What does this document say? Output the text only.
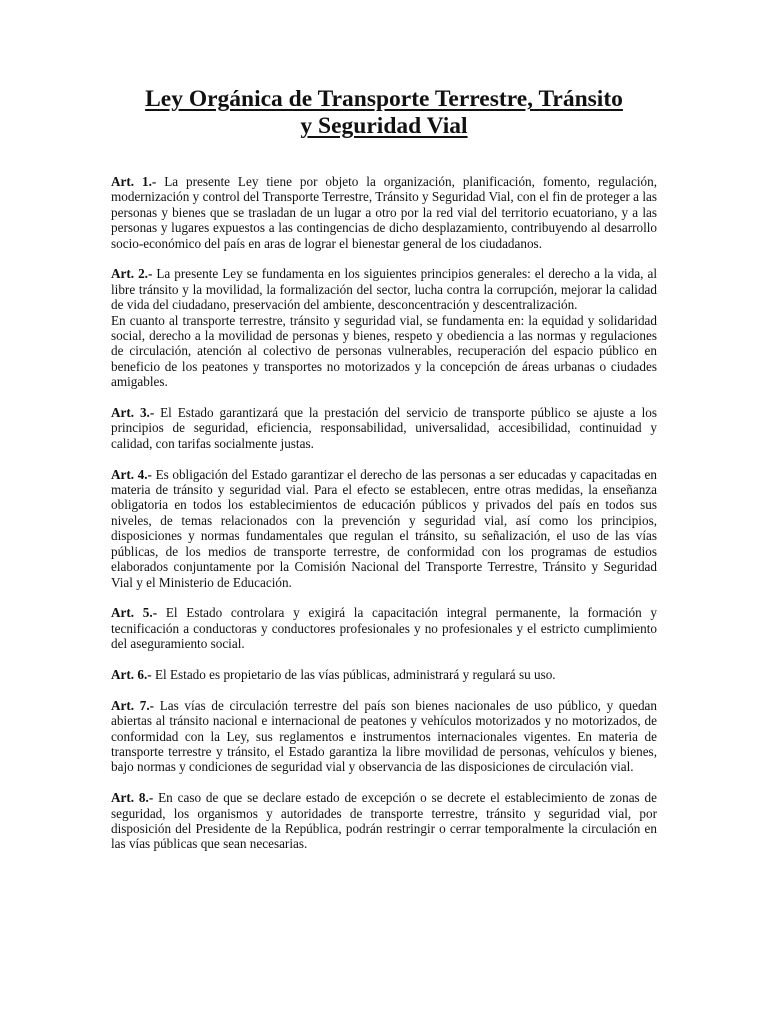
Ley Orgánica de Transporte Terrestre, Tránsito
y Seguridad Vial

Art. 1.- La presente Ley tiene por objeto la organización, planificación, fomento, regulación, modernización y control del Transporte Terrestre, Tránsito y Seguridad Vial, con el fin de proteger a las personas y bienes que se trasladan de un lugar a otro por la red vial del territorio ecuatoriano, y a las personas y lugares expuestos a las contingencias de dicho desplazamiento, contribuyendo al desarrollo socio-económico del país en aras de lograr el bienestar general de los ciudadanos.

Art. 2.- La presente Ley se fundamenta en los siguientes principios generales: el derecho a la vida, al libre tránsito y la movilidad, la formalización del sector, lucha contra la corrupción, mejorar la calidad de vida del ciudadano, preservación del ambiente, desconcentración y descentralización.

En cuanto al transporte terrestre, tránsito y seguridad vial, se fundamenta en: la equidad y solidaridad social, derecho a la movilidad de personas y bienes, respeto y obediencia a las normas y regulaciones de circulación, atención al colectivo de personas vulnerables, recuperación del espacio público en beneficio de los peatones y transportes no motorizados y la concepción de áreas urbanas o ciudades amigables.

Art. 3.- El Estado garantizará que la prestación del servicio de transporte público se ajuste a los principios de seguridad, eficiencia, responsabilidad, universalidad, accesibilidad, continuidad y calidad, con tarifas socialmente justas.

Art. 4.- Es obligación del Estado garantizar el derecho de las personas a ser educadas y capacitadas en materia de tránsito y seguridad vial. Para el efecto se establecen, entre otras medidas, la enseñanza obligatoria en todos los establecimientos de educación públicos y privados del país en todos sus niveles, de temas relacionados con la prevención y seguridad vial, así como los principios, disposiciones y normas fundamentales que regulan el tránsito, su señalización, el uso de las vías públicas, de los medios de transporte terrestre, de conformidad con los programas de estudios elaborados conjuntamente por la Comisión Nacional del Transporte Terrestre, Tránsito y Seguridad Vial y el Ministerio de Educación.

Art. 5.- El Estado controlara y exigirá la capacitación integral permanente, la formación y tecnificación a conductoras y conductores profesionales y no profesionales y el estricto cumplimiento del aseguramiento social.

Art. 6.- El Estado es propietario de las vías públicas, administrará y regulará su uso.

Art. 7.- Las vías de circulación terrestre del país son bienes nacionales de uso público, y quedan abiertas al tránsito nacional e internacional de peatones y vehículos motorizados y no motorizados, de conformidad con la Ley, sus reglamentos e instrumentos internacionales vigentes. En materia de transporte terrestre y tránsito, el Estado garantiza la libre movilidad de personas, vehículos y bienes, bajo normas y condiciones de seguridad vial y observancia de las disposiciones de circulación vial.

Art. 8.- En caso de que se declare estado de excepción o se decrete el establecimiento de zonas de seguridad, los organismos y autoridades de transporte terrestre, tránsito y seguridad vial, por disposición del Presidente de la República, podrán restringir o cerrar temporalmente la circulación en las vías públicas que sean necesarias.
